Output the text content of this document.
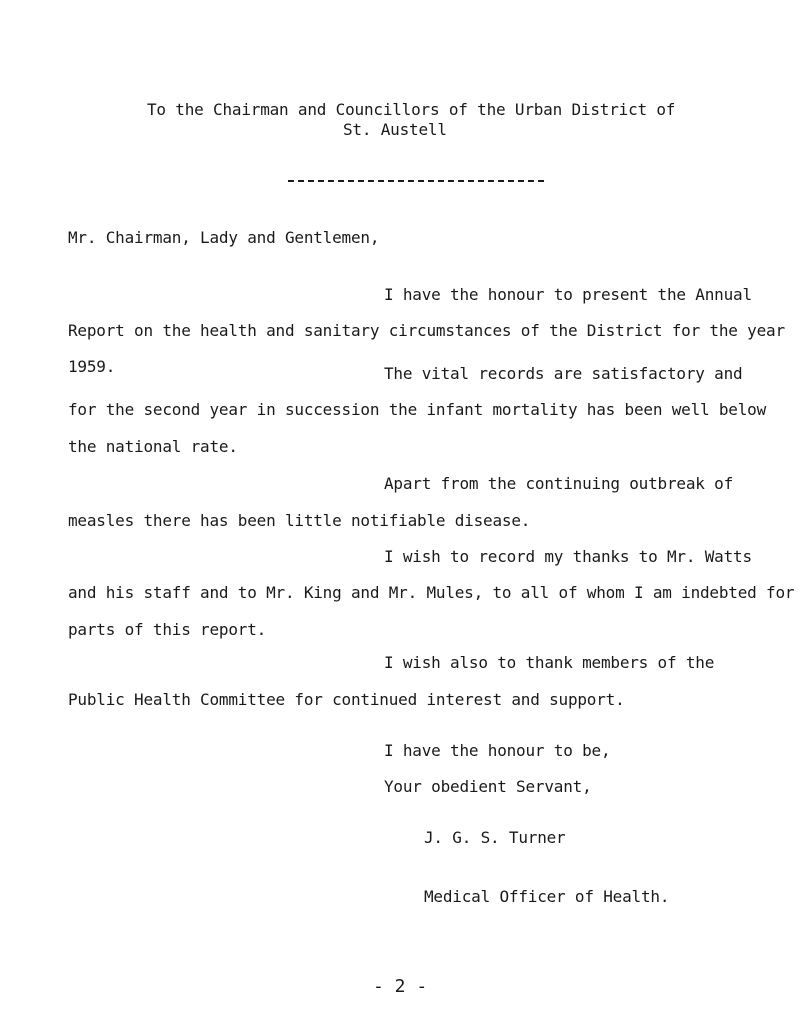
To the Chairman and Councillors of the Urban District of
St. Austell
Mr. Chairman, Lady and Gentlemen,
I have the honour to present the Annual
Report on the health and sanitary circumstances of the District for the year
1959.	The vital records are satisfactory and
for the second year in succession the infant mortality has been well below
the national rate.
Apart from the continuing outbreak of
measles there has been little notifiable disease.
I wish to record my thanks to Mr. Watts
and his staff and to Mr. King and Mr. Mules, to all of whom I am indebted for
parts of this report.
I wish also to thank members of the
Public Health Committee for continued interest and support.
I have the honour to be,
Your obedient Servant,
J. G. S. Turner
Medical Officer of Health.
- 2 -
